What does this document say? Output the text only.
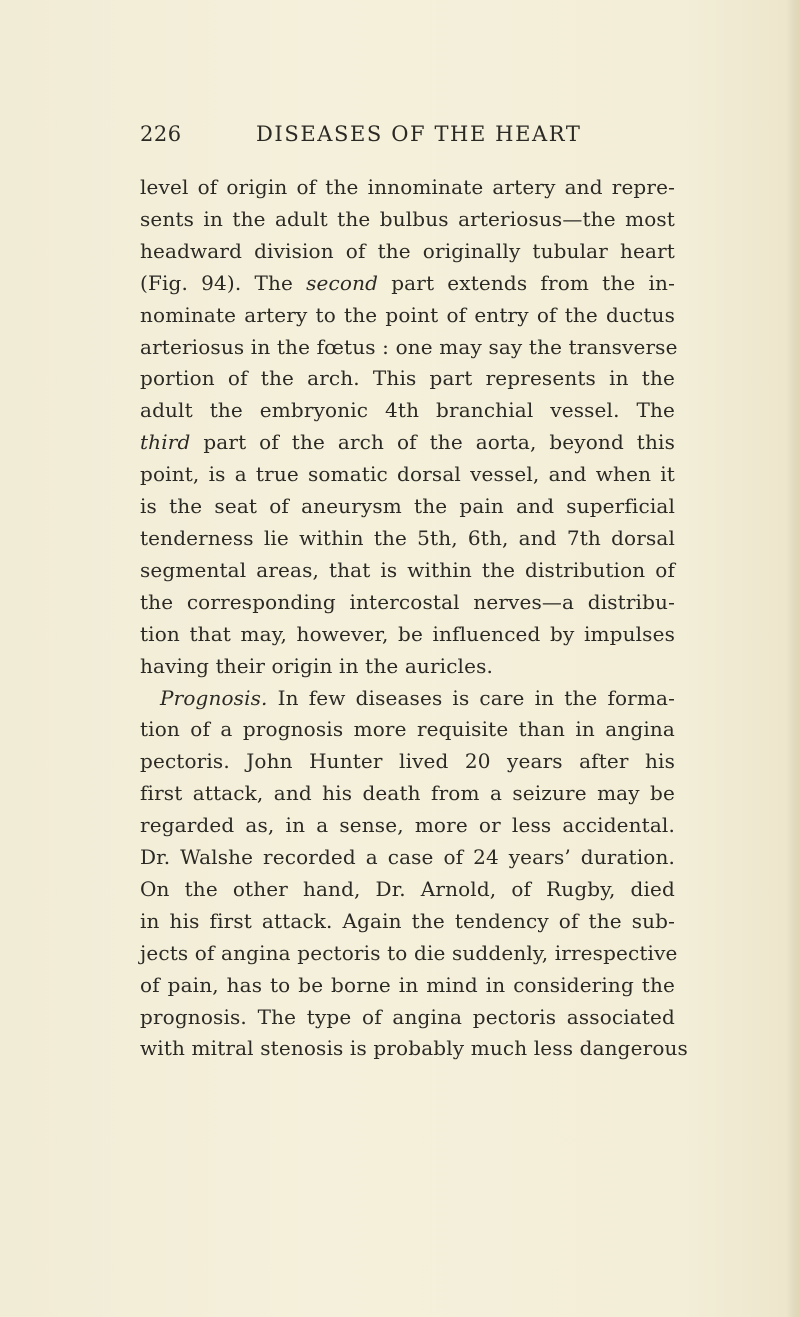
226	DISEASES OF THE HEART
level of origin of the innominate artery and repre-
sents in the adult the bulbus arteriosus—the most
headward division of the originally tubular heart
(Fig. 94). The second part extends from the in-
nominate artery to the point of entry of the ductus
arteriosus in the fœtus : one may say the transverse
portion of the arch. This part represents in the
adult the embryonic 4th branchial vessel. The
third part of the arch of the aorta, beyond this
point, is a true somatic dorsal vessel, and when it
is the seat of aneurysm the pain and superficial
tenderness lie within the 5th, 6th, and 7th dorsal
segmental areas, that is within the distribution of
the corresponding intercostal nerves—a distribu-
tion that may, however, be influenced by impulses
having their origin in the auricles.
Prognosis. In few diseases is care in the forma-
tion of a prognosis more requisite than in angina
pectoris. John Hunter lived 20 years after his
first attack, and his death from a seizure may be
regarded as, in a sense, more or less accidental.
Dr. Walshe recorded a case of 24 years’ duration.
On the other hand, Dr. Arnold, of Rugby, died
in his first attack. Again the tendency of the sub-
jects of angina pectoris to die suddenly, irrespective
of pain, has to be borne in mind in considering the
prognosis. The type of angina pectoris associated
with mitral stenosis is probably much less dangerous
